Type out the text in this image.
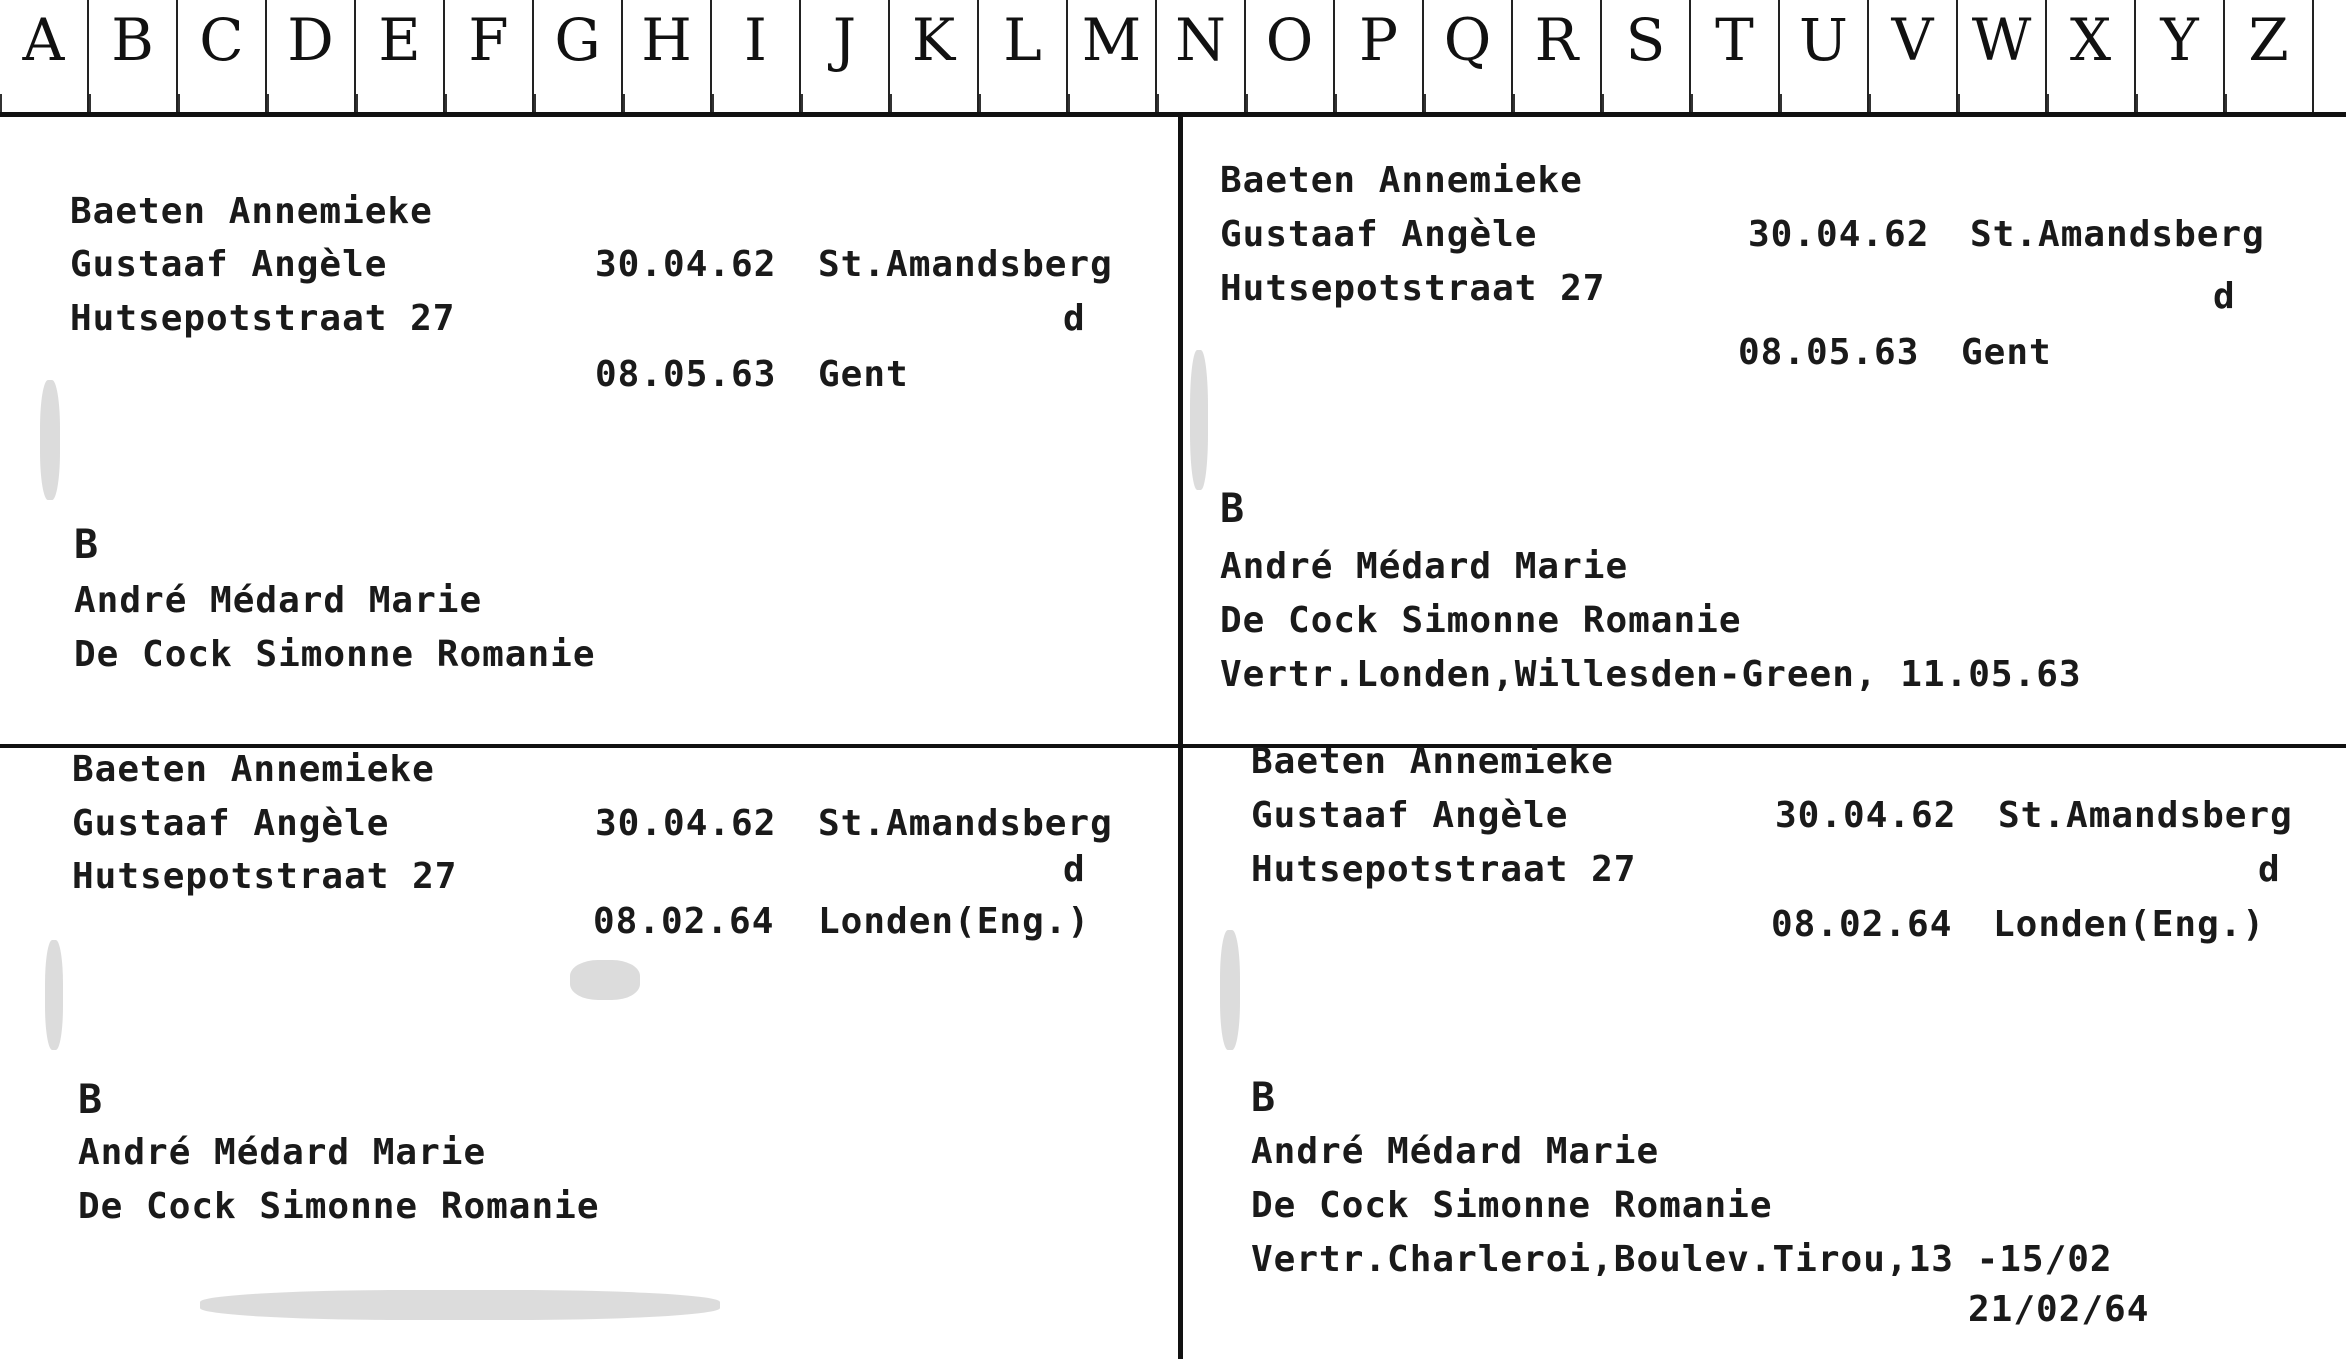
A B C D E F G H I	J K L M N O P Q R S T U V W X Y Z
Baeten Annemieke
Gustaaf Angèle
Hutsepotstraat 27
30.04.62 St.Amandsberg
d
08.05.63 Gent
B
André Médard Marie
De Cock Simonne Romanie
Baeten Annemieke
Gustaaf Angèle
Hutsepotstraat 27
30.04.62 St.Amandsberg
d
08.05.63 Gent
B
André Médard Marie
De Cock Simonne Romanie
Vertr.Londen,Willesden-Green, 11.05.63
Baeten Annemieke
Gustaaf Angèle
Hutsepotstraat 27
30.04.62 St.Amandsberg
d
08.02.64 Londen(Eng.)
B
André Médard Marie
De Cock Simonne Romanie
Baeten Annemieke
Gustaaf Angèle
Hutsepotstraat 27
30.04.62 St.Amandsberg
d
08.02.64 Londen(Eng.)
B
André Médard Marie
De Cock Simonne Romanie
Vertr.Charleroi,Boulev.Tirou,13 -15/02
21/02/64
